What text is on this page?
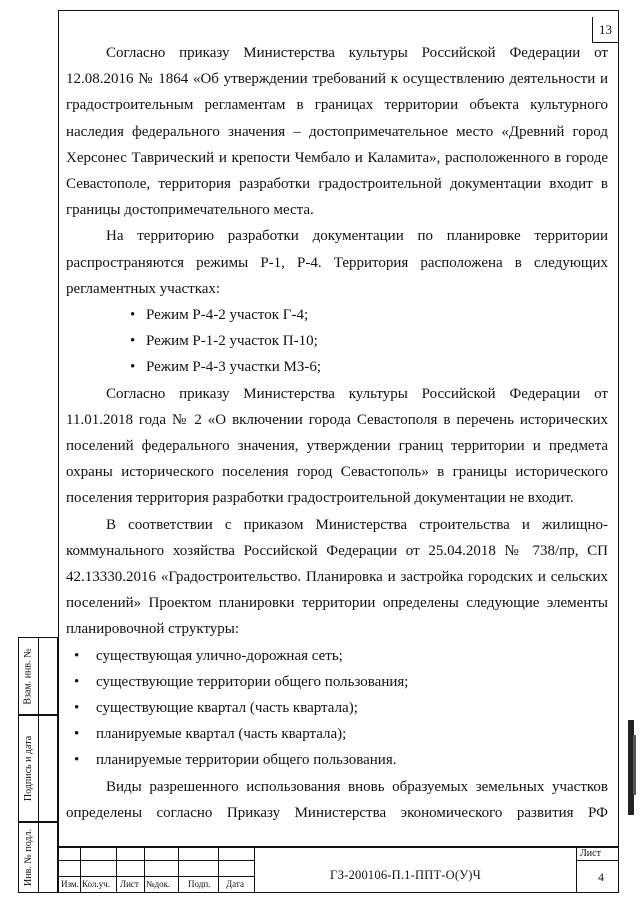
13

Согласно приказу Министерства культуры Российской Федерации от 12.08.2016 № 1864 «Об утверждении требований к осуществлению деятельности и градостроительным регламентам в границах территории объекта культурного наследия федерального значения – достопримечательное место «Древний город Херсонес Таврический и крепости Чембало и Каламита», расположенного в городе Севастополе, территория разработки градостроительной документации входит в границы достопримечательного места.

На территорию разработки документации по планировке территории распространяются режимы Р-1, Р-4. Территория расположена в следующих регламентных участках:

• Режим Р-4-2 участок Г-4;
• Режим Р-1-2 участок П-10;
• Режим Р-4-3 участки МЗ-6;

Согласно приказу Министерства культуры Российской Федерации от 11.01.2018 года № 2 «О включении города Севастополя в перечень исторических поселений федерального значения, утверждении границ территории и предмета охраны исторического поселения город Севастополь» в границы исторического поселения территория разработки градостроительной документации не входит.

В соответствии с приказом Министерства строительства и жилищно-коммунального хозяйства Российской Федерации от 25.04.2018 № 738/пр, СП 42.13330.2016 «Градостроительство. Планировка и застройка городских и сельских поселений» Проектом планировки территории определены следующие элементы планировочной структуры:

• существующая улично-дорожная сеть;
• существующие территории общего пользования;
• существующие квартал (часть квартала);
• планируемые квартал (часть квартала);
• планируемые территории общего пользования.

Виды разрешенного использования вновь образуемых земельных участков определены согласно Приказу Министерства экономического развития РФ

Взам. инв. №
Подпись и дата
Инв. № подл.	Изм. Кол.уч. Лист №док. Подп. Дата
ГЗ-200106-П.1-ППТ-О(У)Ч
Лист
4
